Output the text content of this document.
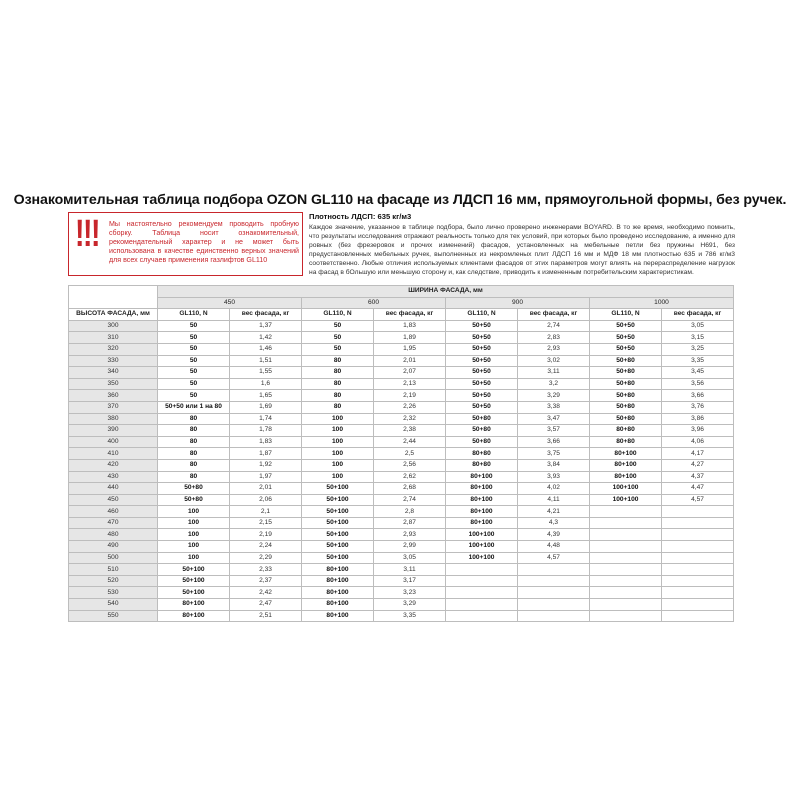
Ознакомительная таблица подбора OZON GL110 на фасаде из ЛДСП 16 мм, прямоугольной формы, без ручек.
!!! Мы настоятельно рекомендуем проводить пробную сборку. Таблица носит ознакомительный, рекомендательный характер и не может быть использована в качестве единственно верных значений для всех случаев применения газлифтов GL110
Плотность ЛДСП: 635 кг/м3
Каждое значение, указанное в таблице подбора, было лично проверено инженерами BOYARD. В то же время, необходимо помнить, что результаты исследования отражают реальность только для тех условий, при которых было проведено исследование, а именно для ровных (без фрезеровок и прочих изменений) фасадов, установленных на мебельные петли без пружины H691, без предустановленных мебельных ручек, выполненных из некромленых плит ЛДСП 16 мм и МДФ 18 мм плотностью 635 и 786 кг/м3 соответственно. Любые отличия используемых клиентами фасадов от этих параметров могут влиять на перераспределение нагрузок на фасад в бОльшую или меньшую сторону и, как следствие, приводить к измененным потребительским характеристикам.
	ШИРИНА ФАСАДА, мм							
	450		600		900		1000	
ВЫСОТА ФАСАДА, мм	GL110, N	вес фасада, кг	GL110, N	вес фасада, кг	GL110, N	вес фасада, кг	GL110, N	вес фасада, кг
300	50	1,37	50	1,83	50+50	2,74	50+50	3,05
310	50	1,42	50	1,89	50+50	2,83	50+50	3,15
320	50	1,46	50	1,95	50+50	2,93	50+50	3,25
330	50	1,51	80	2,01	50+50	3,02	50+80	3,35
340	50	1,55	80	2,07	50+50	3,11	50+80	3,45
350	50	1,6	80	2,13	50+50	3,2	50+80	3,56
360	50	1,65	80	2,19	50+50	3,29	50+80	3,66
370	50+50 или 1 на 80	1,69	80	2,26	50+50	3,38	50+80	3,76
380	80	1,74	100	2,32	50+80	3,47	50+80	3,86
390	80	1,78	100	2,38	50+80	3,57	80+80	3,96
400	80	1,83	100	2,44	50+80	3,66	80+80	4,06
410	80	1,87	100	2,5	80+80	3,75	80+100	4,17
420	80	1,92	100	2,56	80+80	3,84	80+100	4,27
430	80	1,97	100	2,62	80+100	3,93	80+100	4,37
440	50+80	2,01	50+100	2,68	80+100	4,02	100+100	4,47
450	50+80	2,06	50+100	2,74	80+100	4,11	100+100	4,57
460	100	2,1	50+100	2,8	80+100	4,21		
470	100	2,15	50+100	2,87	80+100	4,3		
480	100	2,19	50+100	2,93	100+100	4,39		
490	100	2,24	50+100	2,99	100+100	4,48		
500	100	2,29	50+100	3,05	100+100	4,57		
510	50+100	2,33	80+100	3,11				
520	50+100	2,37	80+100	3,17				
530	50+100	2,42	80+100	3,23				
540	80+100	2,47	80+100	3,29				
550	80+100	2,51	80+100	3,35				
